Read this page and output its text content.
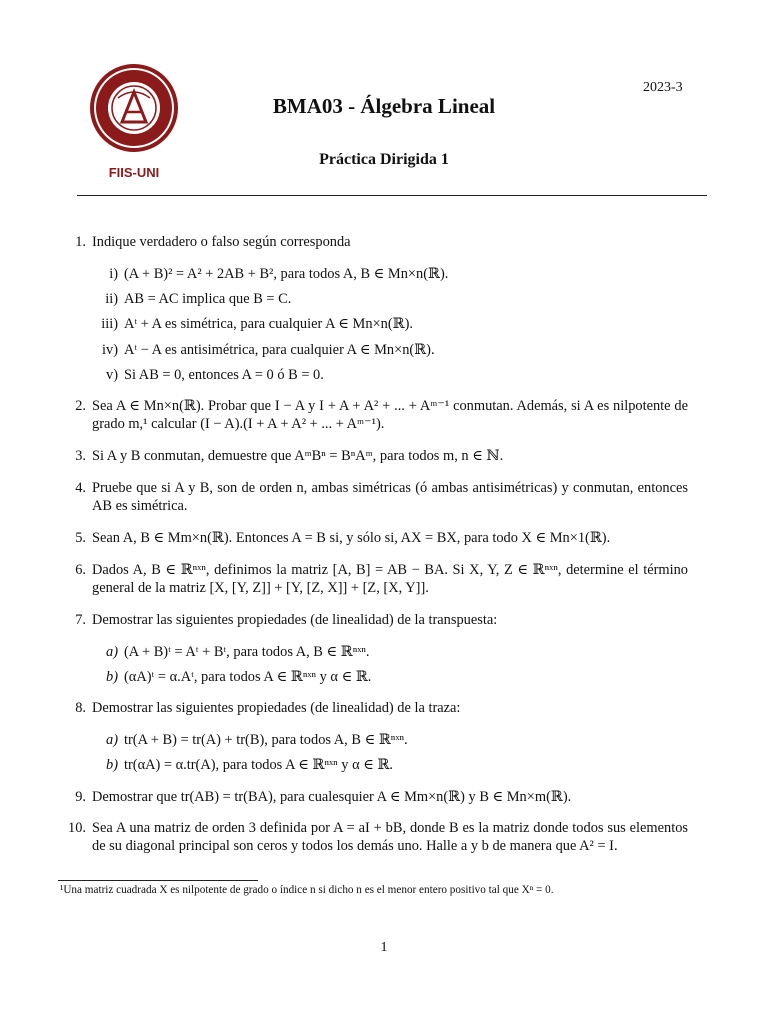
FIIS-UNI
2023-3
BMA03 - Álgebra Lineal
Práctica Dirigida 1
1. Indique verdadero o falso según corresponda
i) (A + B)² = A² + 2AB + B², para todos A, B ∈ Mn×n(ℝ).
ii) AB = AC implica que B = C.
iii) Aᵗ + A es simétrica, para cualquier A ∈ Mn×n(ℝ).
iv) Aᵗ − A es antisimétrica, para cualquier A ∈ Mn×n(ℝ).
v) Si AB = 0, entonces A = 0 ó B = 0.
2. Sea A ∈ Mn×n(ℝ). Probar que I − A y I + A + A² + ... + Aᵐ⁻¹ conmutan. Además, si A es nilpotente de grado m,¹ calcular (I − A).(I + A + A² + ... + Aᵐ⁻¹).
3. Si A y B conmutan, demuestre que AᵐBⁿ = BⁿAᵐ, para todos m, n ∈ ℕ.
4. Pruebe que si A y B, son de orden n, ambas simétricas (ó ambas antisimétricas) y conmutan, entonces AB es simétrica.
5. Sean A, B ∈ Mm×n(ℝ). Entonces A = B si, y sólo si, AX = BX, para todo X ∈ Mn×1(ℝ).
6. Dados A, B ∈ ℝⁿˣⁿ, definimos la matriz [A, B] = AB − BA. Si X, Y, Z ∈ ℝⁿˣⁿ, determine el término general de la matriz [X, [Y, Z]] + [Y, [Z, X]] + [Z, [X, Y]].
7. Demostrar las siguientes propiedades (de linealidad) de la transpuesta:
a) (A + B)ᵗ = Aᵗ + Bᵗ, para todos A, B ∈ ℝⁿˣⁿ.
b) (αA)ᵗ = α.Aᵗ, para todos A ∈ ℝⁿˣⁿ y α ∈ ℝ.
8. Demostrar las siguientes propiedades (de linealidad) de la traza:
a) tr(A + B) = tr(A) + tr(B), para todos A, B ∈ ℝⁿˣⁿ.
b) tr(αA) = α.tr(A), para todos A ∈ ℝⁿˣⁿ y α ∈ ℝ.
9. Demostrar que tr(AB) = tr(BA), para cualesquier A ∈ Mm×n(ℝ) y B ∈ Mn×m(ℝ).
10. Sea A una matriz de orden 3 definida por A = aI + bB, donde B es la matriz donde todos sus elementos de su diagonal principal son ceros y todos los demás uno. Halle a y b de manera que A² = I.
¹Una matriz cuadrada X es nilpotente de grado o índice n si dicho n es el menor entero positivo tal que Xⁿ = 0.
1
